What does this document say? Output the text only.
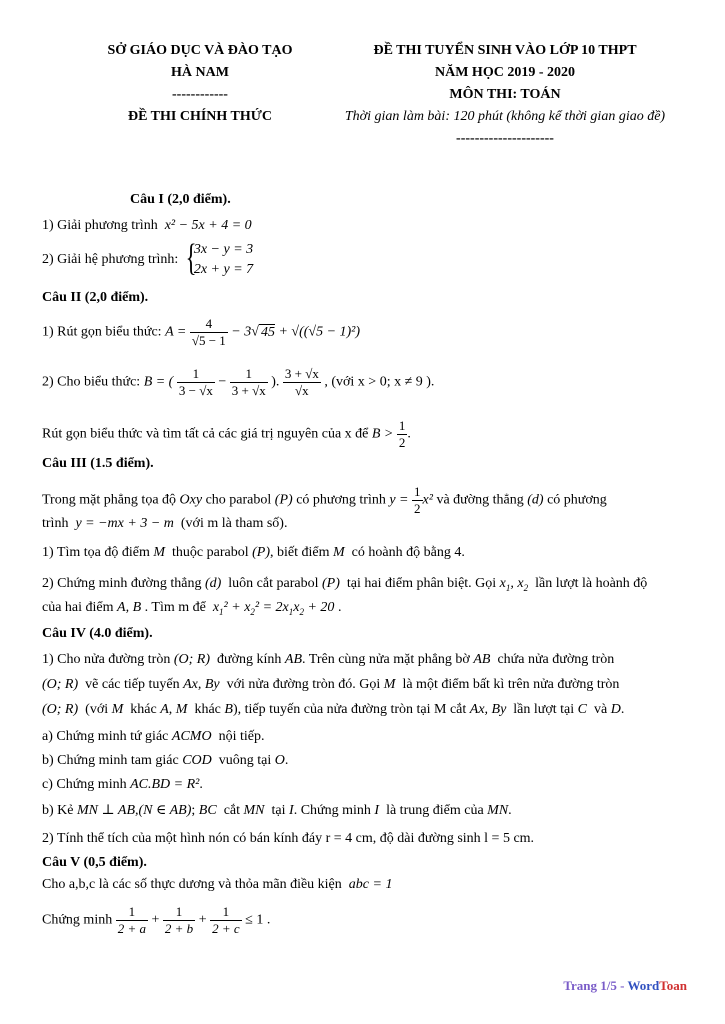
SỞ GIÁO DỤC VÀ ĐÀO TẠO
HÀ NAM
------------
ĐỀ THI CHÍNH THỨC
ĐỀ THI TUYỂN SINH VÀO LỚP 10 THPT
NĂM HỌC 2019 - 2020
MÔN THI: TOÁN
Thời gian làm bài: 120 phút (không kể thời gian giao đề)
---------------------
Câu I (2,0 điểm).
1) Giải phương trình x² − 5x + 4 = 0
2) Giải hệ phương trình: {
3x − y = 3
2x + y = 7
Câu II (2,0 điểm).
1) Rút gọn biểu thức: $A = \frac{4}{√5 - 1} - 3√$ 45 + √((√5 − 1)²)
2) Cho biểu thức: B = ( $\frac{1}{3 - √x} - \frac{1}{3 + √x}$ ). $\frac{3 + √x}{√x}$ , (với x > 0; x ≠ 9 ).
Rút gọn biểu thức và tìm tất cả các giá trị nguyên của x để $B > \frac{1}{2}$ .
Câu III (1.5 điểm).
Trong mặt phẳng tọa độ Oxy cho parabol (P) có phương trình $y = \frac{1}{2} x^2$ và đường thẳng (d) có phương
trình y = −mx + 3 − m (với m là tham số).
1) Tìm tọa độ điểm M thuộc parabol (P), biết điểm M có hoành độ bằng 4.
2) Chứng minh đường thẳng (d) luôn cắt parabol (P) tại hai điểm phân biệt. Gọi $x_1$, $x_2$ lần lượt là hoành độ
của hai điểm A, B . Tìm m để $x_1^2 + x_2^2 = 2x_1x_2 + 20$ .
Câu IV (4.0 điểm).
1) Cho nửa đường tròn (O; R) đường kính AB. Trên cùng nửa mặt phẳng bờ AB chứa nửa đường tròn
(O; R) vẽ các tiếp tuyến Ax, By với nửa đường tròn đó. Gọi M là một điểm bất kì trên nửa đường tròn
(O; R) (với M khác A, M khác B), tiếp tuyến của nửa đường tròn tại M cắt Ax, By lần lượt tại C và D.
a) Chứng minh tứ giác ACMO nội tiếp.
b) Chứng minh tam giác COD vuông tại O.
c) Chứng minh AC.BD = R².
b) Kẻ MN ⊥ AB,(N ∈ AB); BC cắt MN tại I. Chứng minh I là trung điểm của MN.
2) Tính thể tích của một hình nón có bán kính đáy r = 4 cm, độ dài đường sinh l = 5 cm.
Câu V (0,5 điểm).
Cho a,b,c là các số thực dương và thỏa mãn điều kiện abc = 1
Chứng minh $\frac{1}{2 + a} + \frac{1}{2 + b} + \frac{1}{2 + c} \le 1$ .
Trang 1/5 - WordToan
